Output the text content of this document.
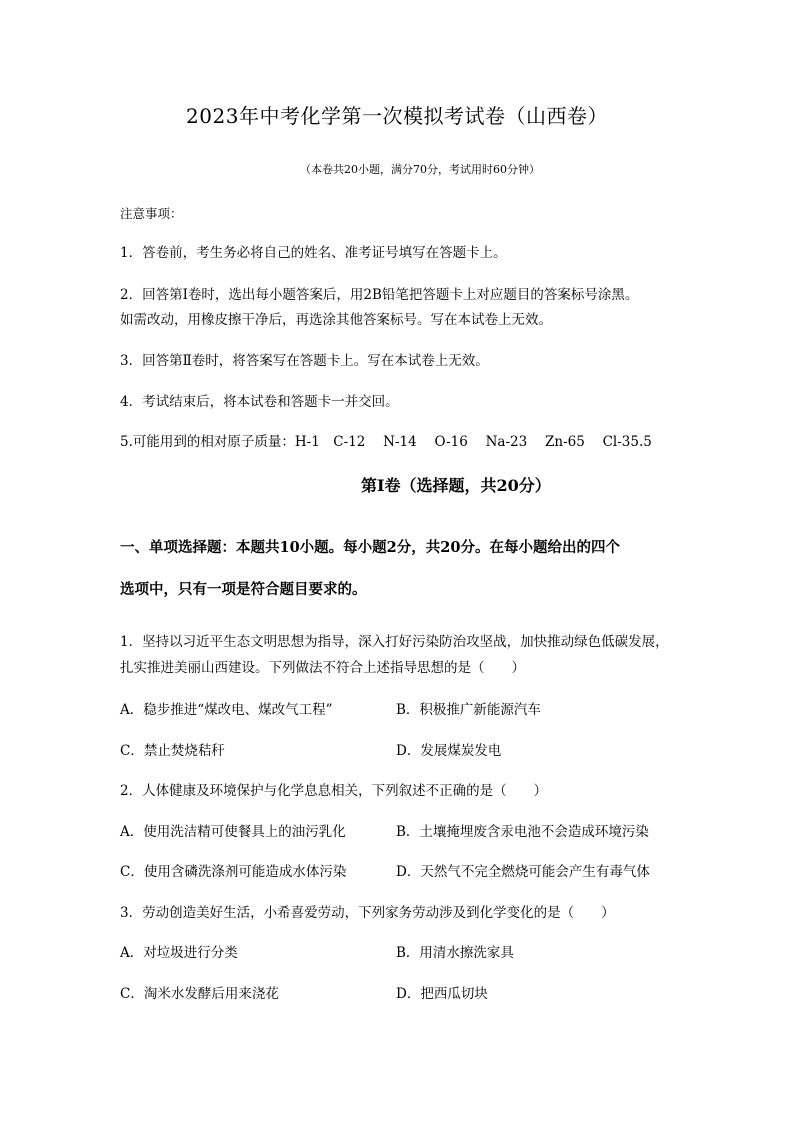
2023年中考化学第一次模拟考试卷（山西卷）
（本卷共20小题，满分70分，考试用时60分钟）
注意事项：
1．答卷前，考生务必将自己的姓名、准考证号填写在答题卡上。
2．回答第Ⅰ卷时，选出每小题答案后，用2B铅笔把答题卡上对应题目的答案标号涂黑。
如需改动，用橡皮擦干净后，再选涂其他答案标号。写在本试卷上无效。
3．回答第Ⅱ卷时，将答案写在答题卡上。写在本试卷上无效。
4．考试结束后，将本试卷和答题卡一并交回。
5.可能用到的相对原子质量：H-1　C-12　 N-14　 O-16　 Na-23　 Zn-65　 Cl-35.5
第Ⅰ卷（选择题，共20分）
一、单项选择题：本题共10小题。每小题2分，共20分。在每小题给出的四个
选项中，只有一项是符合题目要求的。
1．坚持以习近平生态文明思想为指导，深入打好污染防治攻坚战，加快推动绿色低碳发展，
扎实推进美丽山西建设。下列做法不符合上述指导思想的是（　　）
A．稳步推进“煤改电、煤改气工程”	B．积极推广新能源汽车
C．禁止焚烧秸秆	D．发展煤炭发电
2．人体健康及环境保护与化学息息相关，下列叙述不正确的是（　　）
A．使用洗洁精可使餐具上的油污乳化	B．土壤掩埋废含汞电池不会造成环境污染
C．使用含磷洗涤剂可能造成水体污染	D．天然气不完全燃烧可能会产生有毒气体
3．劳动创造美好生活，小希喜爱劳动，下列家务劳动涉及到化学变化的是（　　）
A．对垃圾进行分类	B．用清水擦洗家具
C．淘米水发酵后用来浇花	D．把西瓜切块
